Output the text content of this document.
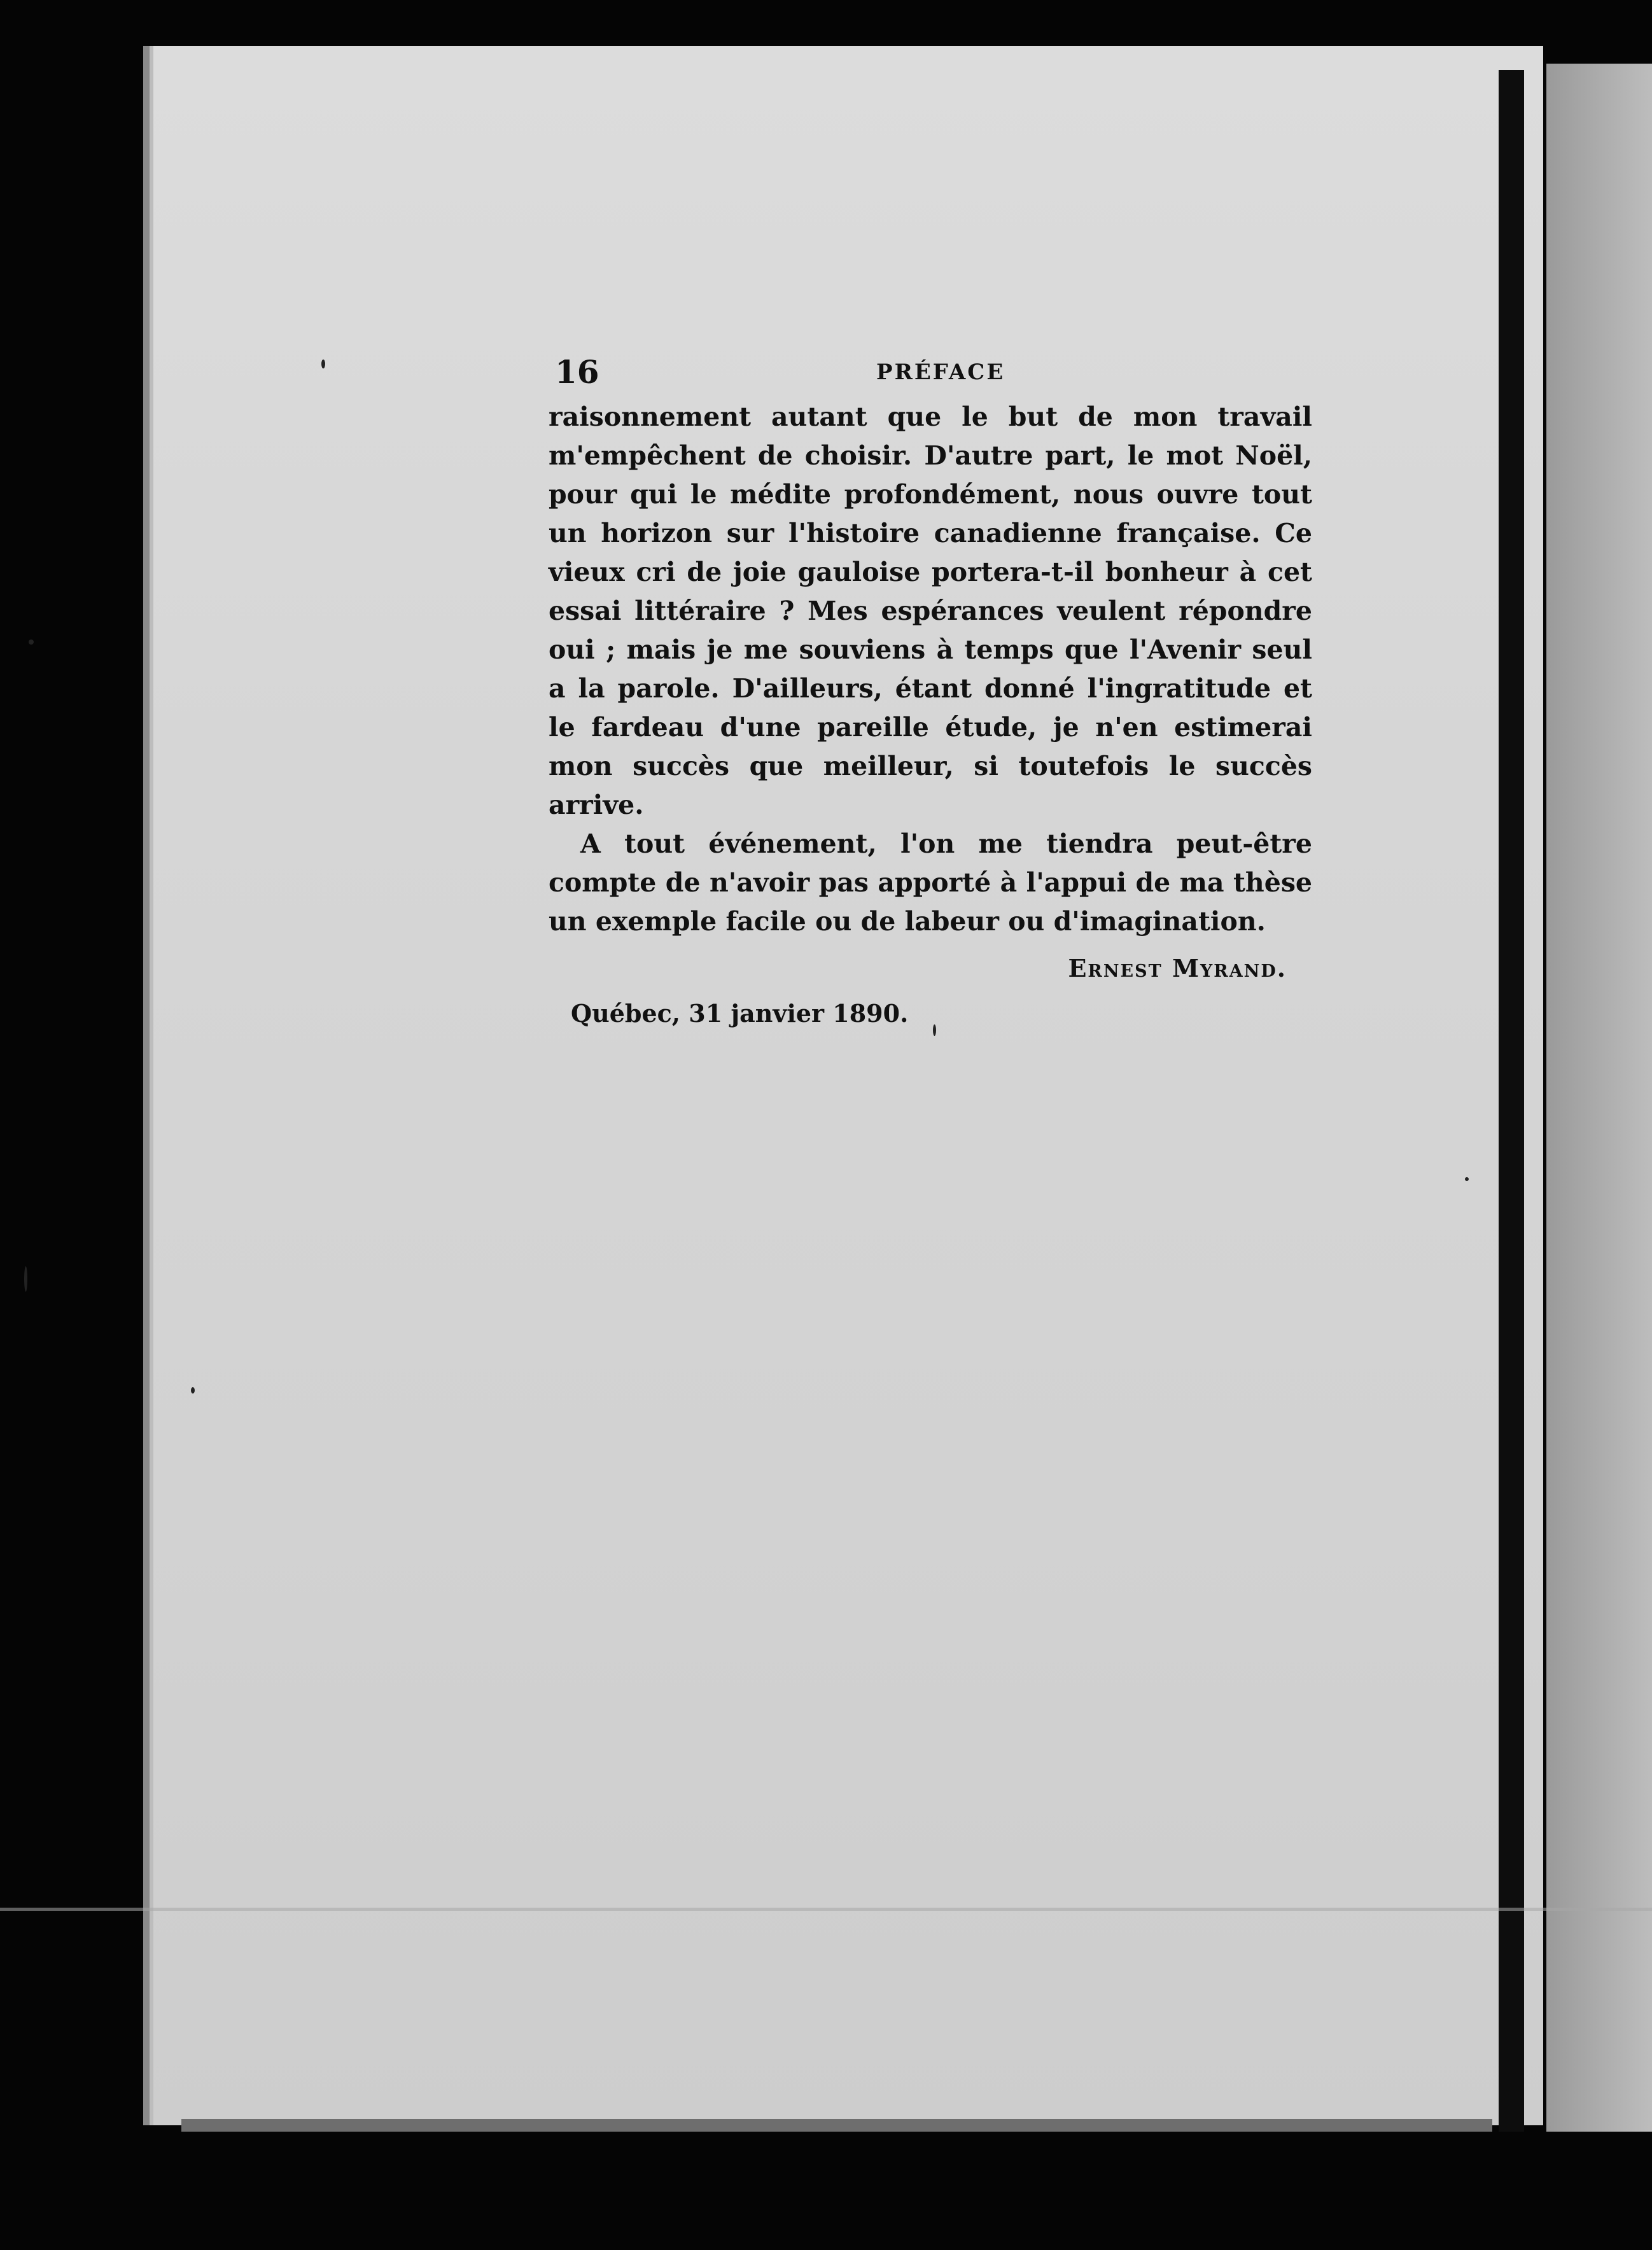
16	PRÉFACE

raisonnement autant que le but de mon travail m'empêchent de choisir. D'autre part, le mot Noël, pour qui le médite profondément, nous ouvre tout un horizon sur l'histoire canadienne française. Ce vieux cri de joie gauloise portera-t-il bonheur à cet essai littéraire ? Mes espérances veulent répondre oui ; mais je me souviens à temps que l'Avenir seul a la parole. D'ailleurs, étant donné l'ingratitude et le fardeau d'une pareille étude, je n'en estimerai mon succès que meilleur, si toutefois le succès arrive.

A tout événement, l'on me tiendra peut-être compte de n'avoir pas apporté à l'appui de ma thèse un exemple facile ou de labeur ou d'imagination.

Ernest Myrand.
Québec, 31 janvier 1890.
